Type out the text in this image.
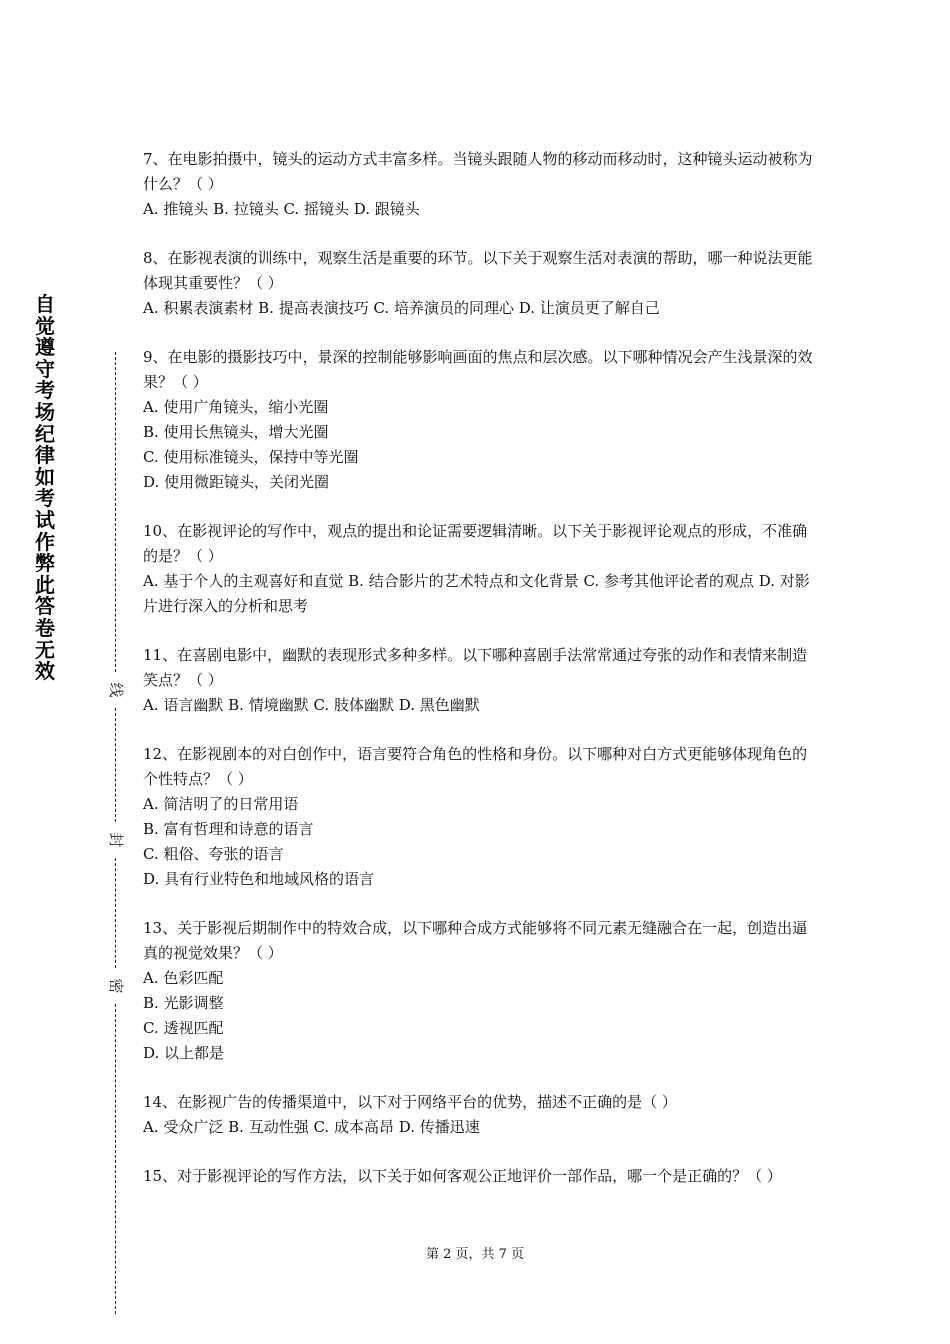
自觉遵守考场纪律如考试作弊此答卷无效
线
封
密

7、在电影拍摄中，镜头的运动方式丰富多样。当镜头跟随人物的移动而移动时，这种镜头运动被称为什么？（ ）

A. 推镜头 B. 拉镜头 C. 摇镜头 D. 跟镜头

8、在影视表演的训练中，观察生活是重要的环节。以下关于观察生活对表演的帮助，哪一种说法更能体现其重要性？（ ）

A. 积累表演素材 B. 提高表演技巧 C. 培养演员的同理心 D. 让演员更了解自己

9、在电影的摄影技巧中，景深的控制能够影响画面的焦点和层次感。以下哪种情况会产生浅景深的效果？（ ）

A. 使用广角镜头，缩小光圈

B. 使用长焦镜头，增大光圈

C. 使用标准镜头，保持中等光圈

D. 使用微距镜头，关闭光圈

10、在影视评论的写作中，观点的提出和论证需要逻辑清晰。以下关于影视评论观点的形成，不准确的是？（ ）

A. 基于个人的主观喜好和直觉 B. 结合影片的艺术特点和文化背景 C. 参考其他评论者的观点 D. 对影片进行深入的分析和思考

11、在喜剧电影中，幽默的表现形式多种多样。以下哪种喜剧手法常常通过夸张的动作和表情来制造笑点？（ ）

A. 语言幽默 B. 情境幽默 C. 肢体幽默 D. 黑色幽默

12、在影视剧本的对白创作中，语言要符合角色的性格和身份。以下哪种对白方式更能够体现角色的个性特点？（ ）

A. 简洁明了的日常用语

B. 富有哲理和诗意的语言

C. 粗俗、夸张的语言

D. 具有行业特色和地域风格的语言

13、关于影视后期制作中的特效合成，以下哪种合成方式能够将不同元素无缝融合在一起，创造出逼真的视觉效果？（ ）

A. 色彩匹配

B. 光影调整

C. 透视匹配

D. 以上都是

14、在影视广告的传播渠道中，以下对于网络平台的优势，描述不正确的是（ ）

A. 受众广泛 B. 互动性强 C. 成本高昂 D. 传播迅速

15、对于影视评论的写作方法，以下关于如何客观公正地评价一部作品，哪一个是正确的？（ ）

第 2 页，共 7 页
